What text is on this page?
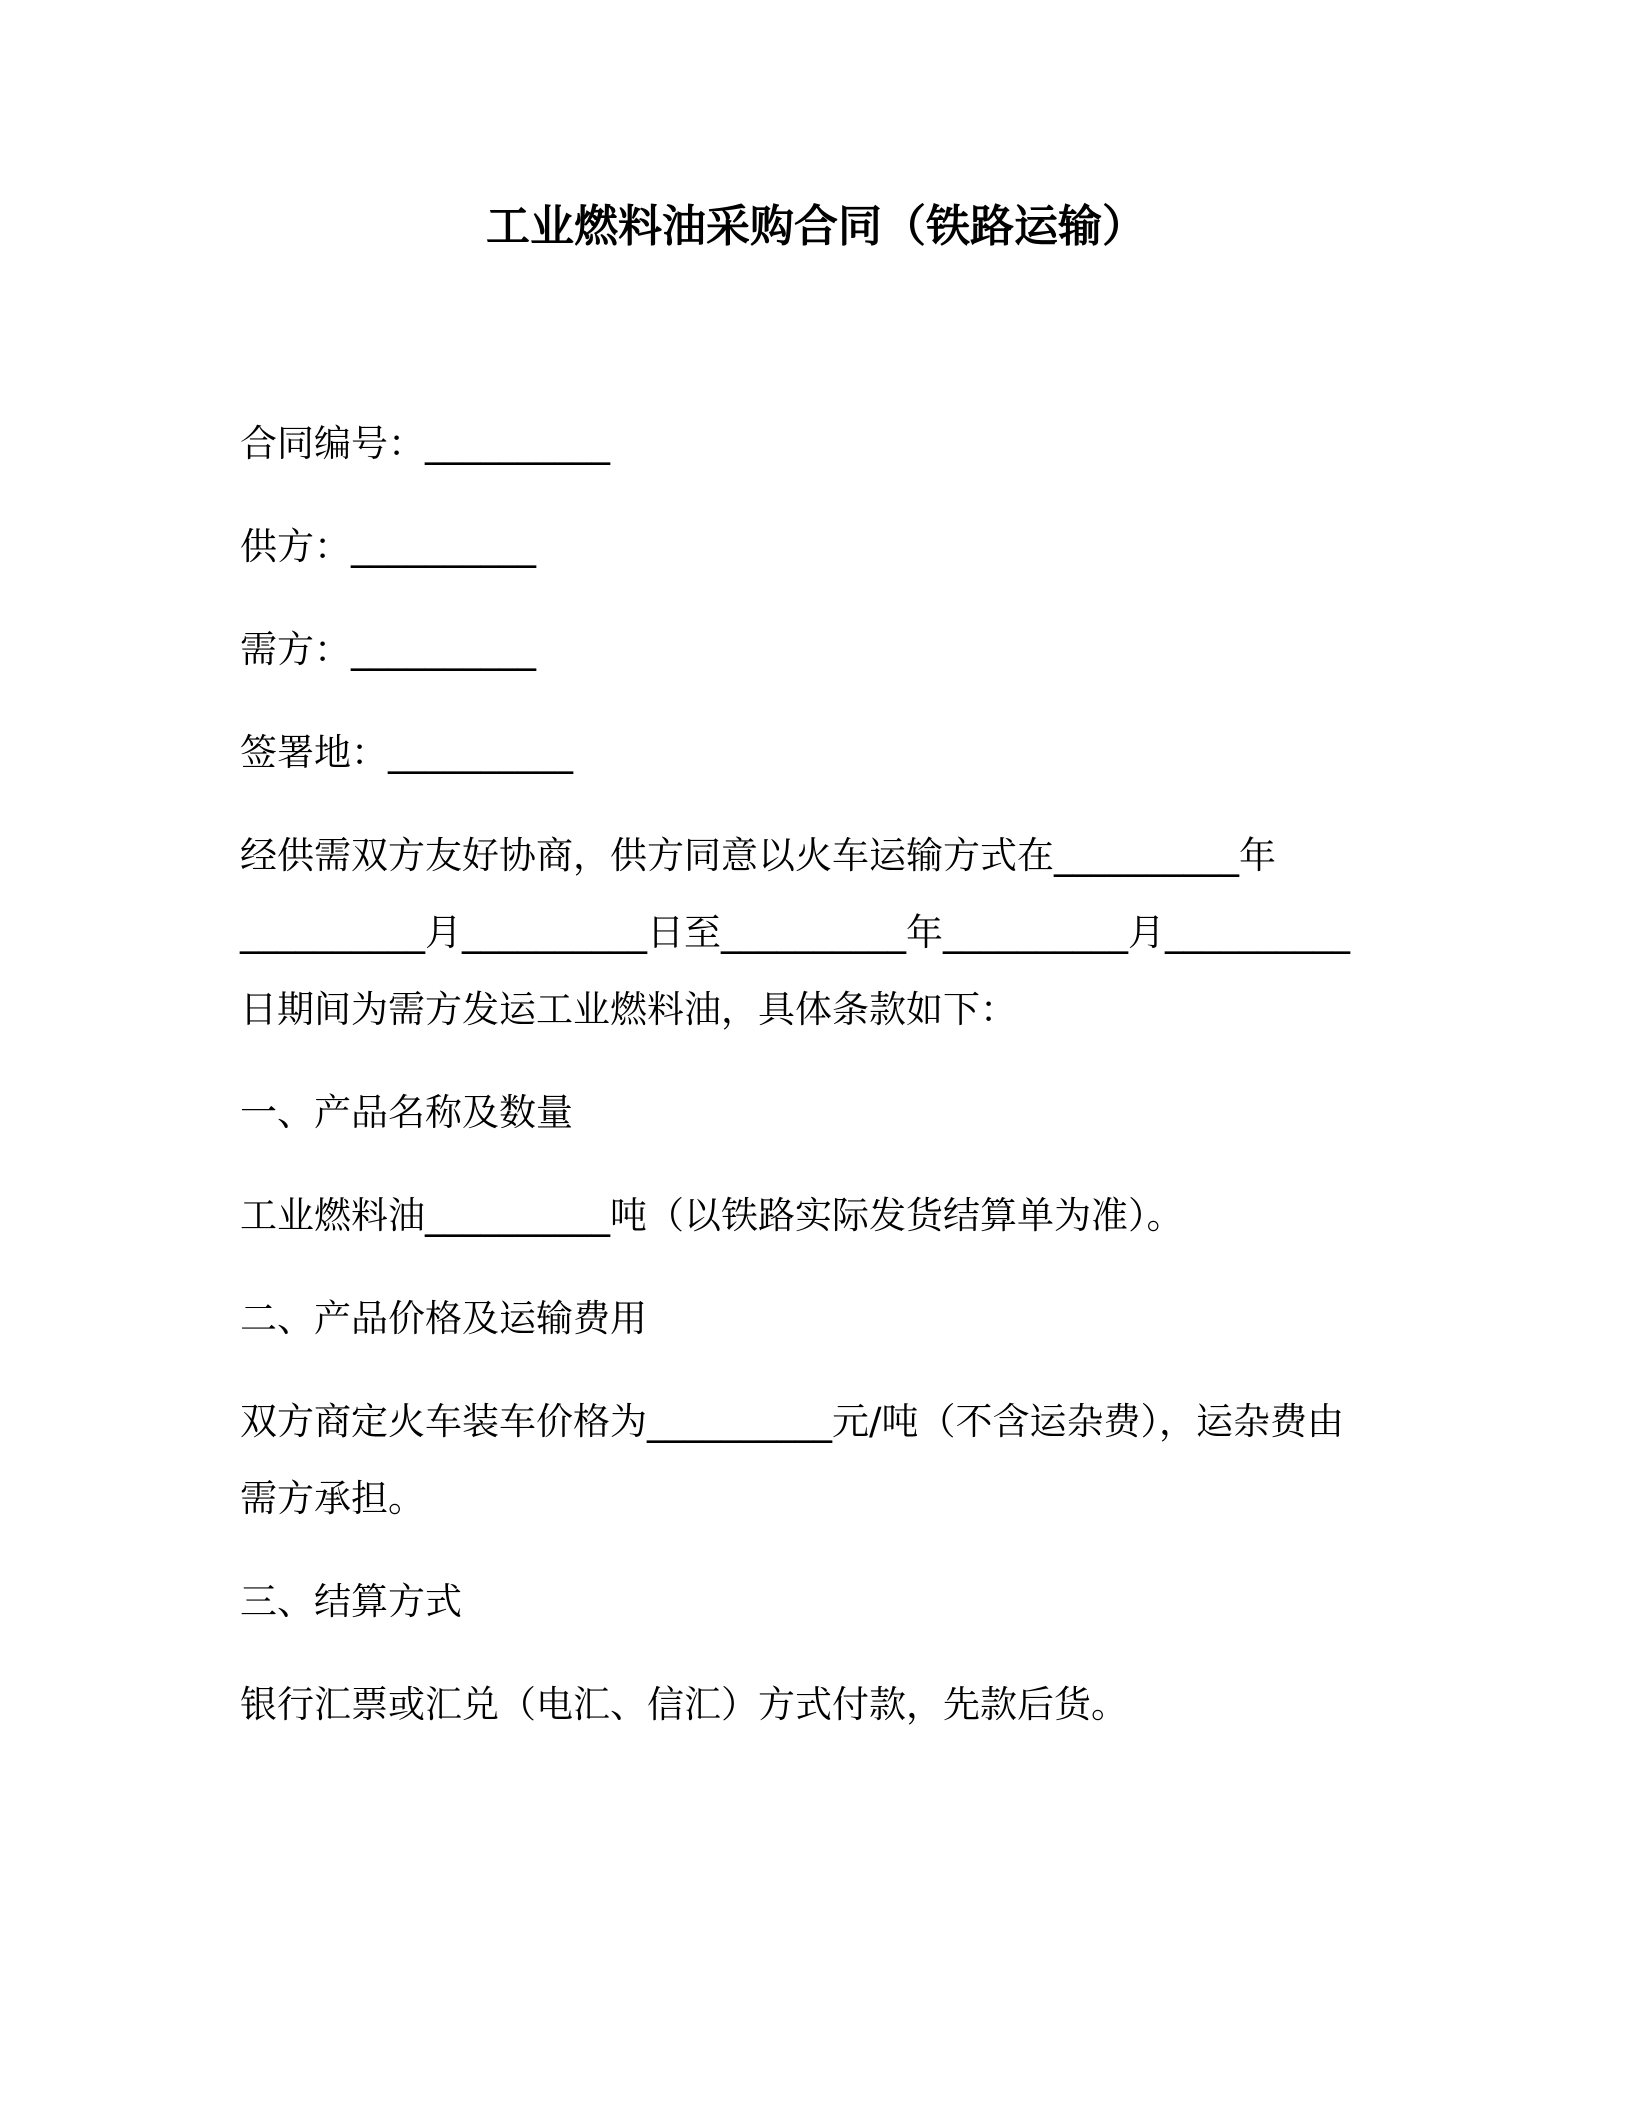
工业燃料油采购合同（铁路运输）

合同编号：__________

供方：__________

需方：__________

签署地：__________

经供需双方友好协商，供方同意以火车运输方式在__________年
__________月__________日至__________年__________月__________
日期间为需方发运工业燃料油，具体条款如下：

一、产品名称及数量

工业燃料油__________吨（以铁路实际发货结算单为准）。

二、产品价格及运输费用

双方商定火车装车价格为__________元/吨（不含运杂费），运杂费由
需方承担。

三、结算方式

银行汇票或汇兑（电汇、信汇）方式付款，先款后货。
